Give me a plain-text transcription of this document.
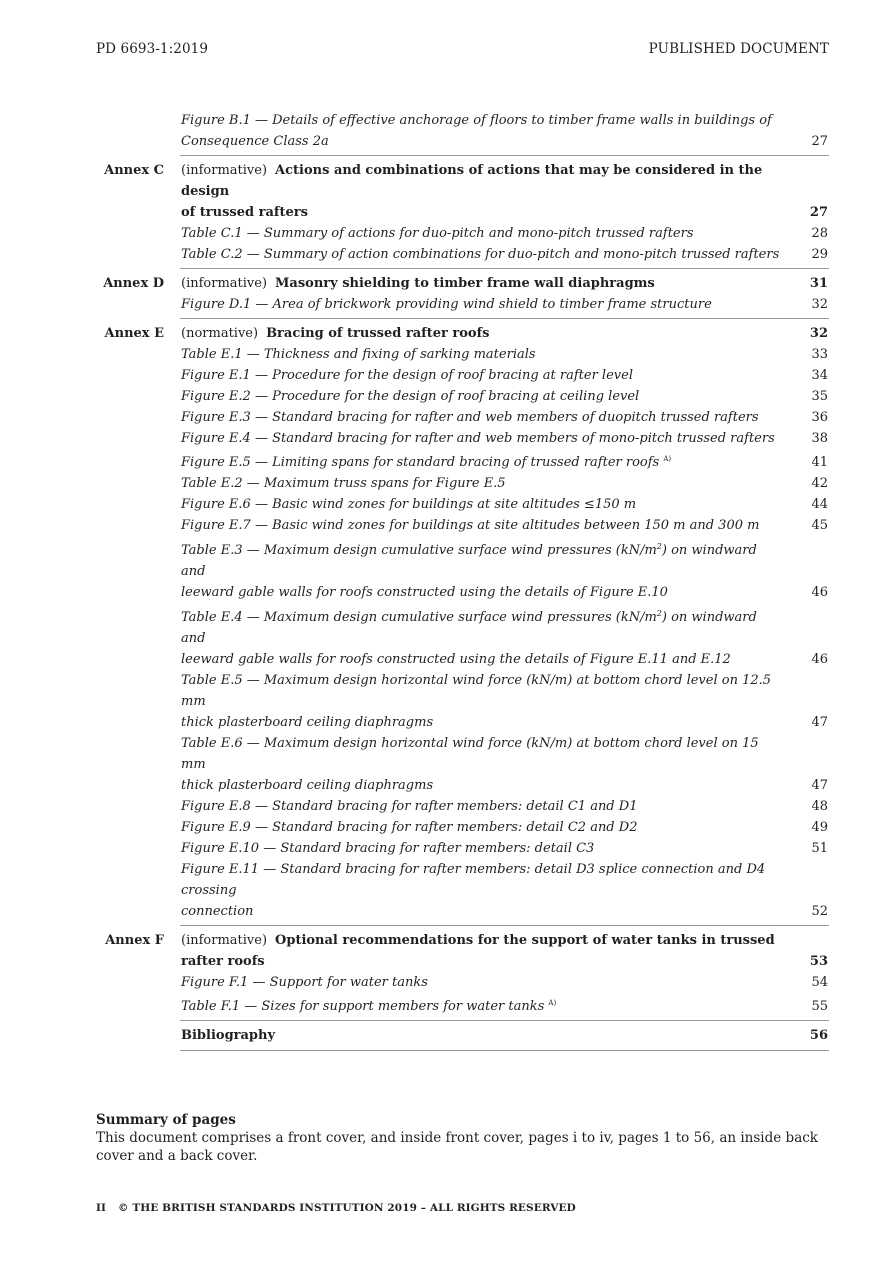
PD 6693-1:2019	PUBLISHED DOCUMENT
Figure B.1 — Details of effective anchorage of floors to timber frame walls in buildings of
Consequence Class 2a	27
Annex C	(informative) Actions and combinations of actions that may be considered in the design
of trussed rafters	27
Table C.1 — Summary of actions for duo-pitch and mono-pitch trussed rafters	28
Table C.2 — Summary of action combinations for duo-pitch and mono-pitch trussed rafters	29
Annex D	(informative) Masonry shielding to timber frame wall diaphragms	31
Figure D.1 — Area of brickwork providing wind shield to timber frame structure	32
Annex E	(normative) Bracing of trussed rafter roofs	32
Table E.1 — Thickness and fixing of sarking materials	33
Figure E.1 — Procedure for the design of roof bracing at rafter level	34
Figure E.2 — Procedure for the design of roof bracing at ceiling level	35
Figure E.3 — Standard bracing for rafter and web members of duopitch trussed rafters	36
Figure E.4 — Standard bracing for rafter and web members of mono-pitch trussed rafters	38
Figure E.5 — Limiting spans for standard bracing of trussed rafter roofs $^{A)}$	41
Table E.2 — Maximum truss spans for Figure E.5	42
Figure E.6 — Basic wind zones for buildings at site altitudes ≤150 m	44
Figure E.7 — Basic wind zones for buildings at site altitudes between 150 m and 300 m	45
Table E.3 — Maximum design cumulative surface wind pressures $(kN/m^2)$ on windward and
leeward gable walls for roofs constructed using the details of Figure E.10	46
Table E.4 — Maximum design cumulative surface wind pressures $(kN/m^2)$ on windward and
leeward gable walls for roofs constructed using the details of Figure E.11 and E.12	46
Table E.5 — Maximum design horizontal wind force (kN/m) at bottom chord level on 12.5 mm
thick plasterboard ceiling diaphragms	47
Table E.6 — Maximum design horizontal wind force (kN/m) at bottom chord level on 15 mm
thick plasterboard ceiling diaphragms	47
Figure E.8 — Standard bracing for rafter members: detail C1 and D1	48
Figure E.9 — Standard bracing for rafter members: detail C2 and D2	49
Figure E.10 — Standard bracing for rafter members: detail C3	51
Figure E.11 — Standard bracing for rafter members: detail D3 splice connection and D4 crossing
connection	52
Annex F	(informative) Optional recommendations for the support of water tanks in trussed
rafter roofs	53
Figure F.1 — Support for water tanks	54
Table F.1 — Sizes for support members for water tanks $^{A)}$	55
Bibliography	56
Summary of pages
This document comprises a front cover, and inside front cover, pages i to iv, pages 1 to 56, an inside back cover and a back cover.
II © THE BRITISH STANDARDS INSTITUTION 2019 – ALL RIGHTS RESERVED
